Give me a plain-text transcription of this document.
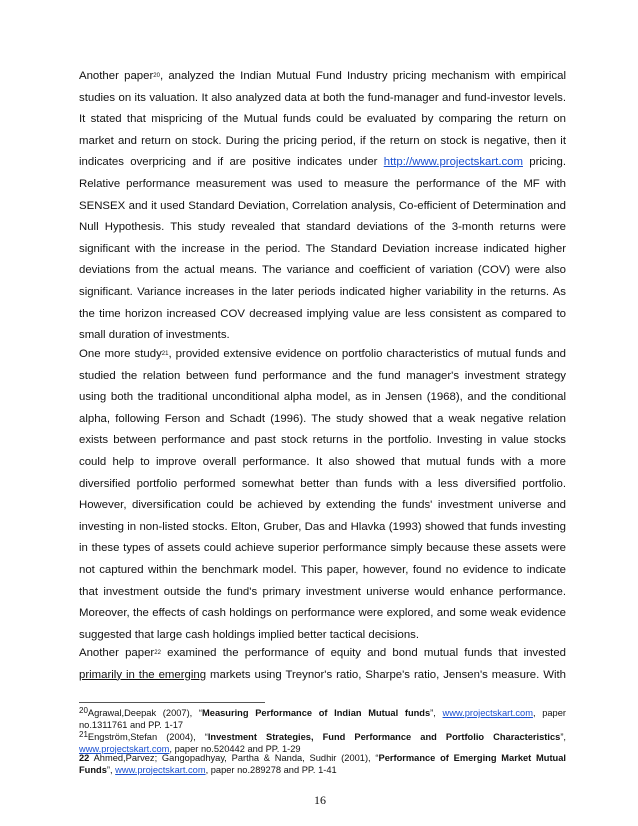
Another paper$^{20}$, analyzed the Indian Mutual Fund Industry pricing mechanism with empirical
studies on its valuation. It also analyzed data at both the fund-manager and fund-investor levels.
It stated that mispricing of the Mutual funds could be evaluated by comparing the return on
market and return on stock. During the pricing period, if the return on stock is negative, then it
indicates overpricing and if are positive indicates under http://www.projectskart.com pricing.
Relative performance measurement was used to measure the performance of the MF with
SENSEX and it used Standard Deviation, Correlation analysis, Co-efficient of Determination and
Null Hypothesis. This study revealed that standard deviations of the 3-month returns were
significant with the increase in the period. The Standard Deviation increase indicated higher
deviations from the actual means. The variance and coefficient of variation (COV) were also
significant. Variance increases in the later periods indicated higher variability in the returns. As
the time horizon increased COV decreased implying value are less consistent as compared to
small duration of investments.
One more study$^{21}$, provided extensive evidence on portfolio characteristics of mutual funds and
studied the relation between fund performance and the fund manager's investment strategy
using both the traditional unconditional alpha model, as in Jensen (1968), and the conditional
alpha, following Ferson and Schadt (1996). The study showed that a weak negative relation
exists between performance and past stock returns in the portfolio. Investing in value stocks
could help to improve overall performance. It also showed that mutual funds with a more
diversified portfolio performed somewhat better than funds with a less diversified portfolio.
However, diversification could be achieved by extending the funds' investment universe and
investing in non-listed stocks. Elton, Gruber, Das and Hlavka (1993) showed that funds investing
in these types of assets could achieve superior performance simply because these assets were
not captured within the benchmark model. This paper, however, found no evidence to indicate
that investment outside the fund's primary investment universe would enhance performance.
Moreover, the effects of cash holdings on performance were explored, and some weak evidence
suggested that large cash holdings implied better tactical decisions.
Another paper$^{22}$ examined the performance of equity and bond mutual funds that invested
primarily in the emerging markets using Treynor's ratio, Sharpe's ratio, Jensen's measure. With
20Agrawal,Deepak (2007), “Measuring Performance of Indian Mutual funds”, www.projectskart.com, paper
no.1311761 and PP. 1-17
21Engström,Stefan (2004), “Investment Strategies, Fund Performance and Portfolio Characteristics”,
www.projectskart.com, paper no.520442 and PP. 1-29
22 Ahmed,Parvez; Gangopadhyay, Partha & Nanda, Sudhir (2001), “Performance of Emerging Market Mutual
Funds”, www.projectskart.com, paper no.289278 and PP. 1-41
16
